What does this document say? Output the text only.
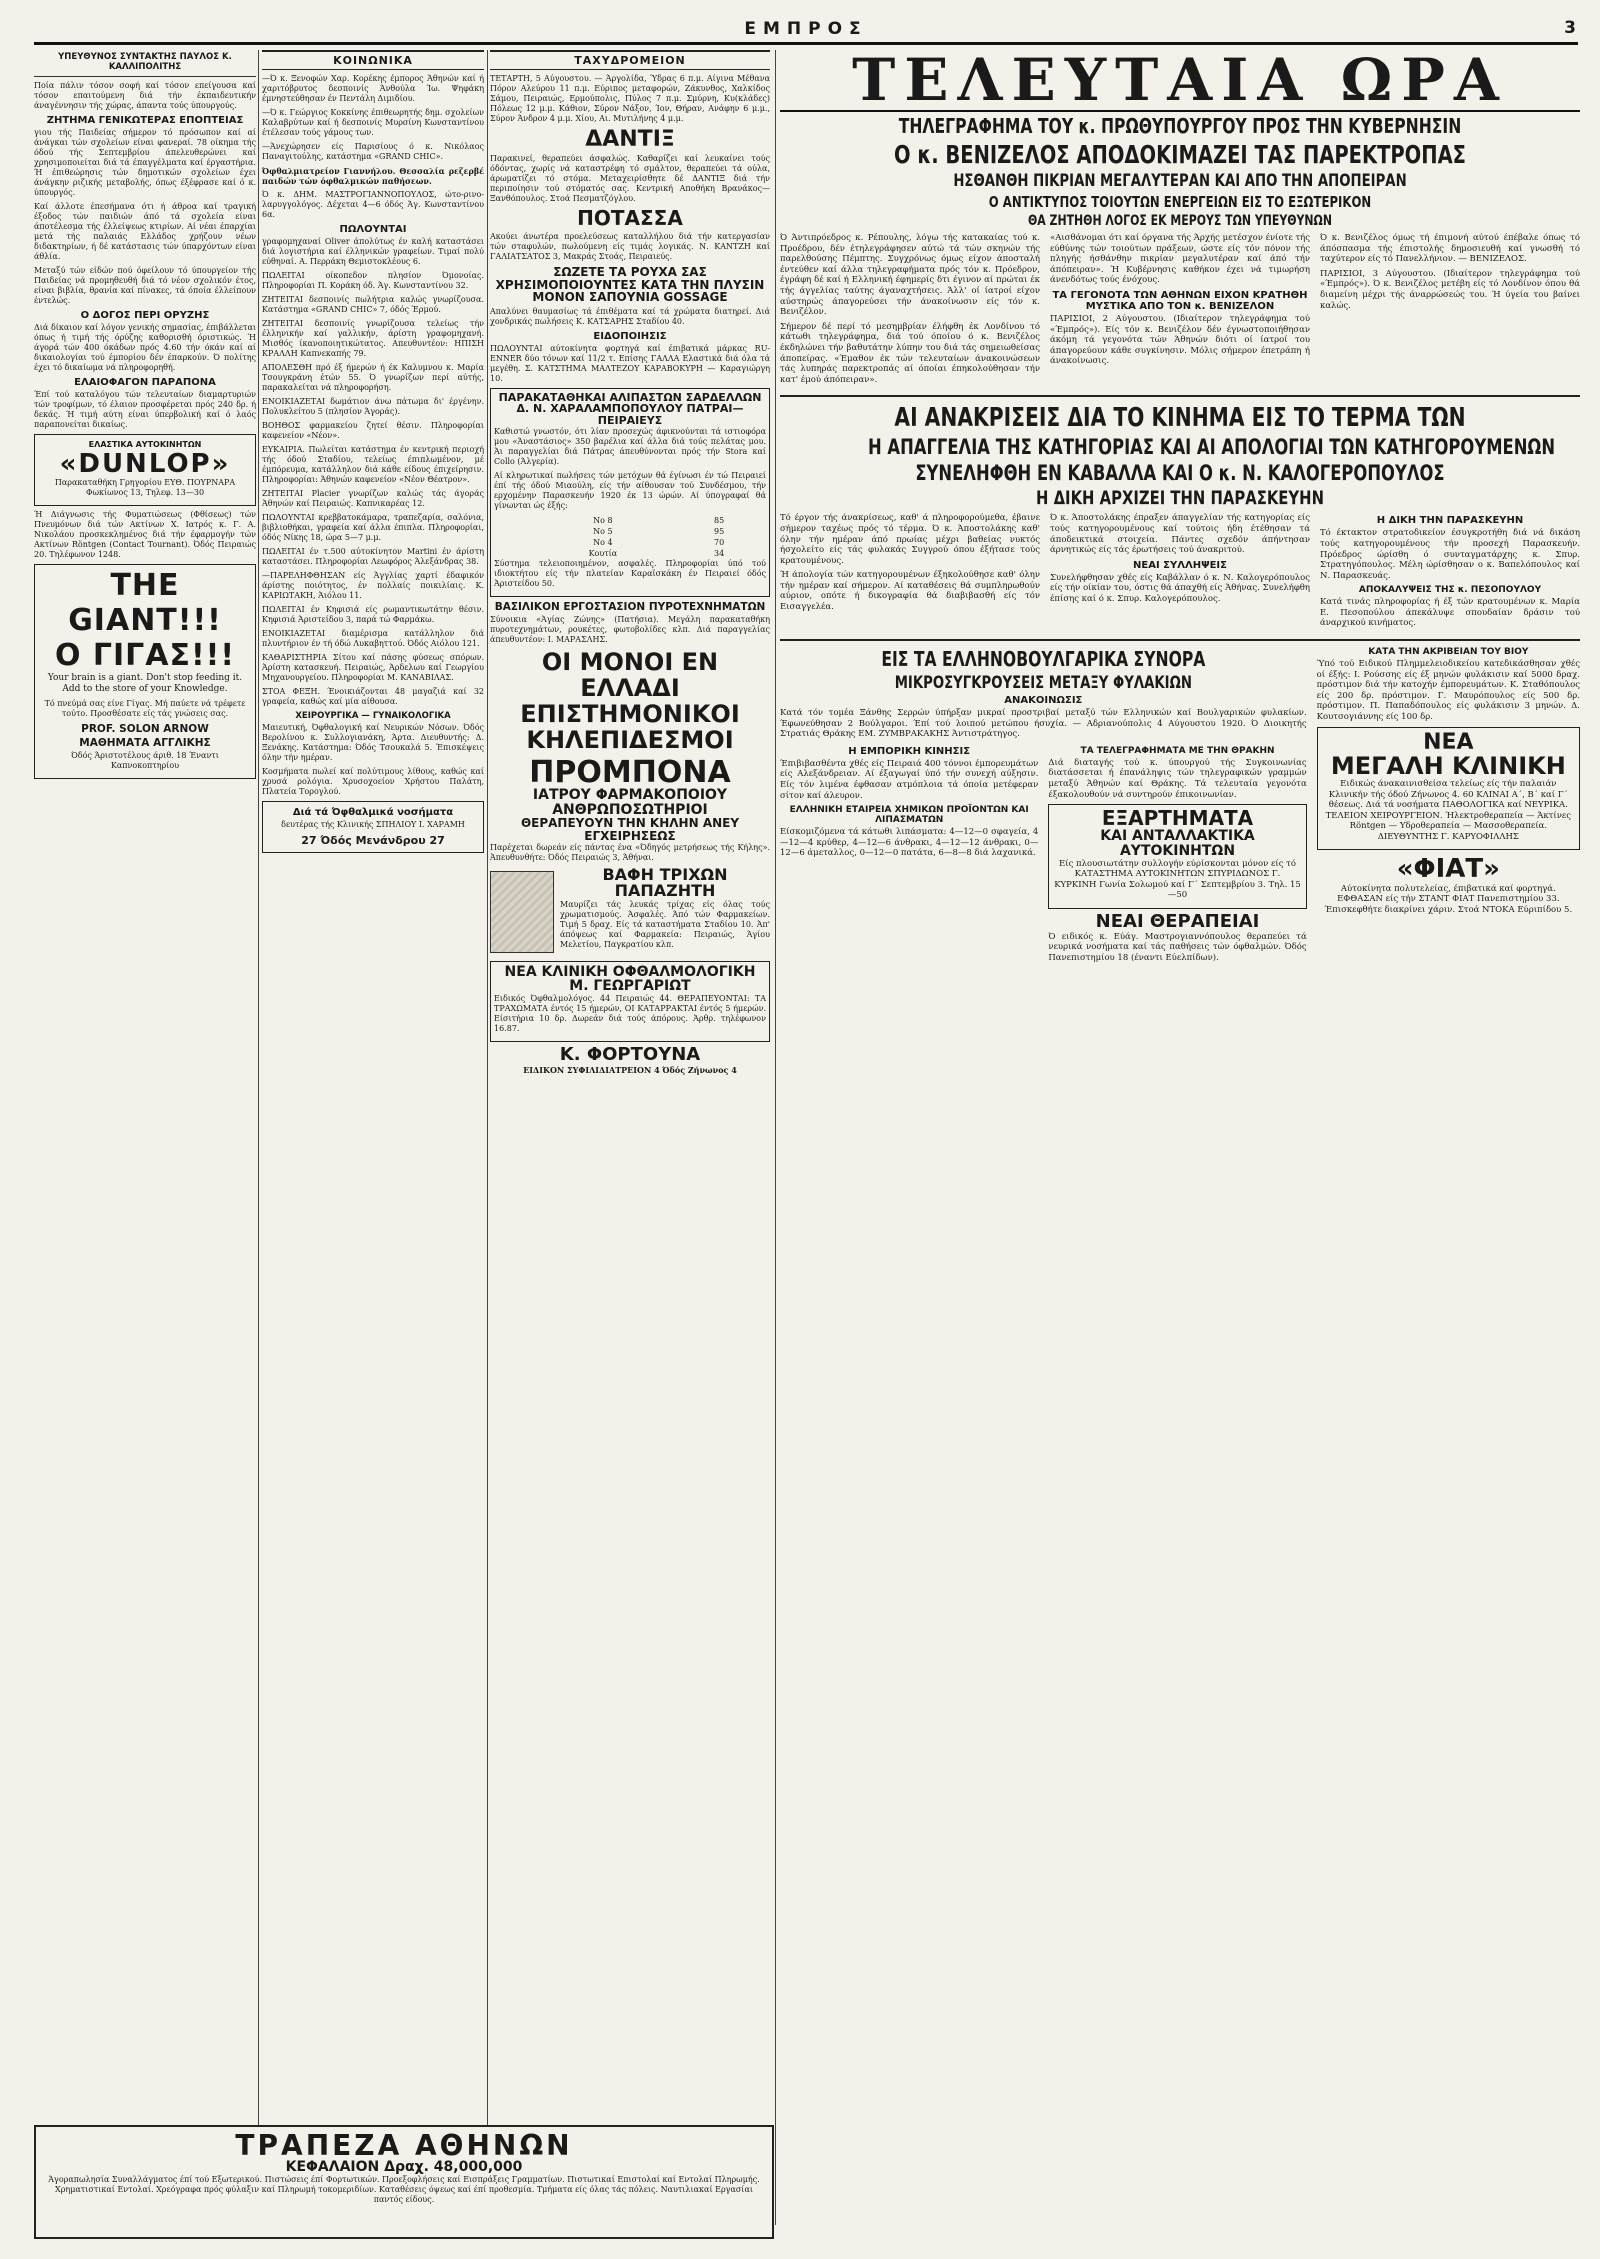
ΕΜΠΡΟΣ	3
ΥΠΕΥΘΥΝΟΣ ΣΥΝΤΑΚΤΗΣ ΠΑΥΛΟΣ Κ. ΚΑΛΛΙΠΟΛΙΤΗΣ

Ποία πάλιν τόσον σοφή καί τόσον επείγουσα καί τόσον επαιτούμενη διά τήν έκπαιδευτικήν άναγέννησιν τής χώρας, άπαντα τούς ύπουργούς.

ΖΗΤΗΜΑ ΓΕΝΙΚΩΤΕΡΑΣ ΕΠΟΠΤΕΙΑΣ

γιου τής Παιδείας σήμερον τό πρόσωπον καί αί άνάγκαι τών σχολείων είναι φανεραί. 78 οίκημα τής όδού τής Σεπτεμβρίου άπελευθερώνει καί χρησιμοποιείται διά τά έπαγγέλματα καί έργαστήρια. Ή έπιθεώρησις τών δημοτικών σχολείων έχει άνάγκην ριζικής μεταβολής, όπως έξέφρασε καί ό κ. ύπουργός.

Καί άλλοτε έπεσήμανα ότι ή άθροα καί τραγική έξοδος τών παιδιών άπό τά σχολεία είναι άποτέλεσμα τής έλλείψεως κτιρίων. Αί νέαι έπαρχίαι μετά τής παλαιάς Ελλάδος χρήζουν νέων διδακτηρίων, ή δέ κατάστασις τών ύπαρχόντων είναι άθλία.

Μεταξύ τών είδών πού όφείλουν τό ύπουργείον τής Παιδείας νά προμηθευθή διά τό νέον σχολικόν έτος, είναι βιβλία, θρανία καί πίνακες, τά όποία έλλείπουν έντελώς.

Ο ΔΟΓΟΣ ΠΕΡΙ ΟΡΥΖΗΣ

Διά δίκαιον καί λόγον γενικής σημασίας, έπιβάλλεται όπως ή τιμή τής όρύζης καθορισθή όριστικώς. Ή άγορά τών 400 όκάδων πρός 4.60 τήν όκάν καί αί δικαιολογίαι τού έμπορίου δέν έπαρκούν. Ό πολίτης έχει τό δικαίωμα νά πληροφορηθή.

ΕΛΑΙΟΦΑΓΟΝ ΠΑΡΑΠΟΝΑ

Έπί τού καταλόγου τών τελευταίων διαμαρτυριών τών τροφίμων, τό έλαιον προσφέρεται πρός 240 δρ. ή δεκάς. Ή τιμή αύτη είναι ύπερβολική καί ό λαός παραπονείται δικαίως.

ΕΛΑΣΤΙΚΑ ΑΥΤΟΚΙΝΗΤΩΝ
«DUNLOP»

Παρακαταθήκη Γρηγορίου ΕΥΘ. ΠΟΥΡΝΑΡΑ Φωκίωνος 13, Τηλεφ. 13—30

Ή Διάγνωσις τής Φυματιώσεως (Φθίσεως) τών Πνευμόνων διά τών Ακτίνων Χ. Ιατρός κ. Γ. Α. Νικολάου προσκεκλημένος διά τήν έφαρμογήν τών Ακτίνων Röntgen (Contact Tournant). Όδός Πειραιώς 20. Τηλέφωνον 1248.

THE GIANT!!!
Ο ΓΙΓΑΣ!!!

Your brain is a giant. Don't stop feeding it. Add to the store of your Knowledge.

Τό πνεύμά σας είνε Γίγας. Μή παύετε νά τρέφετε τούτο. Προσθέσατε είς τάς γνώσεις σας.

PROF. SOLON ARNOW
ΜΑΘΗΜΑΤΑ ΑΓΓΛΙΚΗΣ

Όδός Άριστοτέλους άριθ. 18 Έναντι Καπνοκοπτηρίου

ΚΟΙΝΩΝΙΚΑ

—Ό κ. Ξενοφών Χαρ. Κορέκης έμπορος Άθηνών καί ή χαριτόβρυτος δεσποινίς Άνθούλα Ίω. Ψηφάκη έμνηστεύθησαν έν Πεντάλη Διμιδίου.

—Ό κ. Γεώργιος Κοκκίνης έπιθεωρητής δημ. σχολείων Καλαβρύτων καί ή δεσποινίς Μυρσίνη Κωνσταντίνου έτέλεσαν τούς γάμους των.

—Άνεχώρησεν είς Παρισίους ό κ. Νικόλαος Παναγιτούλης, κατάστημα «GRAND CHIC».

Όφθαλμιατρείον Γιαννήλου. Θεσσαλία ρεζερβέ παιδών τών όφθαλμικών παθήσεων.

Ό κ. ΔΗΜ. ΜΑΣΤΡΟΓΙΑΝΝΟΠΟΥΛΟΣ, ώτο-ρινο-λαρυγγολόγος. Δέχεται 4—6 όδός Άγ. Κωνσταντίνου 6α.

ΠΩΛΟΥΝΤΑΙ

γραφομηχαναί Oliver άπολύτως έν καλή καταστάσει διά λογιστήρια καί έλληνικών γραφείων. Τιμαί πολύ εύθηναί. Α. Περράκη Θεμιστοκλέους 6.

ΠΩΛΕΙΤΑΙ οίκοπεδον πλησίον Όμονοίας. Πληροφορίαι Π. Κοράκη όδ. Άγ. Κωνσταντίνου 32.

ΖΗΤΕΙΤΑΙ δεσποινίς πωλήτρια καλώς γνωρίζουσα. Κατάστημα «GRAND CHIC» 7, όδός Έρμού.

ΖΗΤΕΙΤΑΙ δεσποινίς γνωρίζουσα τελείως τήν έλληνικήν καί γαλλικήν, άρίστη γραφομηχανή. Μισθός ίκανοποιητικώτατος. Απευθυντέον: ΗΠΙΣΗ ΚΡΑΛΛΗ Καπνεκαπής 79.

ΑΠΟΛΕΣΘΗ πρό έξ ήμερών ή έκ Καλυμνου κ. Μαρία Τσουγκράνη έτών 55. Ό γνωρίζων περί αύτής, παρακαλείται νά πληροφορήση.

ΕΝΟΙΚΙΑΖΕΤΑΙ δωμάτιον άνω πάτωμα δι' έργένην. Πολυκλείτου 5 (πλησίον Άγοράς).

ΒΟΗΘΟΣ φαρμακείου ζητεί θέσιν. Πληροφορίαι καφενείον «Νέον».

ΕΥΚΑΙΡΙΑ. Πωλείται κατάστημα έν κεντρική περιοχή τής όδού Σταδίου, τελείως έπιπλωμένον, μέ έμπόρευμα, κατάλληλον διά κάθε είδους έπιχείρησιν. Πληροφορίαι: Άθηνών καφενείον «Νέον Θέατρον».

ΖΗΤΕΙΤΑΙ Placier γνωρίζων καλώς τάς άγοράς Άθηνών καί Πειραιώς. Καπνικαρέας 12.

ΠΩΛΟΥΝΤΑΙ κρεββατοκάμαρα, τραπεζαρία, σαλόνια, βιβλιοθήκαι, γραφεία καί άλλα έπιπλα. Πληροφορίαι, όδός Νίκης 18, ώρα 5—7 μ.μ.

ΠΩΛΕΙΤΑΙ έν τ.500 αύτοκίνητον Martini έν άρίστη καταστάσει. Πληροφορίαι Λεωφόρος Άλεξάνδρας 38.

—ΠΑΡΕΛΗΦΘΗΣΑΝ είς Άγγλίας χαρτί έδαφικόν άρίστης ποιότητος, έν πολλαίς ποικιλίαις. Κ. ΚΑΡΙΩΤΑΚΗ, Άιόλου 11.

ΠΩΛΕΙΤΑΙ έν Κηφισιά είς ρωμαντικωτάτην θέσιν. Κηφισιά Άριστείδου 3, παρά τώ Φαρμάκω.

ΕΝΟΙΚΙΑΖΕΤΑΙ διαμέρισμα κατάλληλον διά πλυντήριον έν τή όδώ Λυκαβηττού. Όδός Αιόλου 121.

ΚΑΘΑΡΙΣΤΗΡΙΑ Σίτου καί πάσης φύσεως σπόρων. Άρίστη κατασκευή. Πειραιώς, Άρδελωυ καί Γεωργίου Μηχανουργείου. Πληροφορίαι Μ. ΚΑΝΑΒΙΛΑΣ.

ΣΤΟΑ ΦΕΞΗ. Ένοικιάζονται 48 μαγαζιά καί 32 γραφεία, καθώς καί μία αίθουσα.

ΧΕΙΡΟΥΡΓΙΚΑ — ΓΥΝΑΙΚΟΛΟΓΙΚΑ

Μαιευτική, Όφθαλογική καί Νευρικών Νόσων. Όδός Βερολίνου κ. Συλλογιανάκη, Άρτα. Διευθυντής: Δ. Ξενάκης. Κατάστημα: Όδός Τσουκαλά 5. Έπισκέψεις όλην τήν ημέραν.

Κοσμήματα πωλεί καί πολύτιμους λίθους, καθώς καί χρυσά ρολόγια. Χρυσοχοείον Χρήστου Παλάτη, Πλατεία Τορογλού.

Διά τά Όφθαλμικά νοσήματα

δευτέρας τής Κλινικής ΣΠΗΛΙΟΥ Ι. ΧΑΡΑΜΗ

27 Όδός Μενάνδρου 27
ΤΑΧΥΔΡΟΜΕΙΟΝ

ΤΕΤΑΡΤΗ, 5 Αύγουστου. — Άργολίδα, Ύδρας 6 π.μ. Αίγινα Μέθανα Πόρον Αλεύρου 11 π.μ. Εύριπος μεταφορών, Ζάκυνθος, Χαλκίδος Σάμου, Πειραιώς, Ερμούπολις, Πύλος 7 π.μ. Σμύρνη, Κυ(κλάδες) Πόλεως 12 μ.μ. Κάθιον, Σύρον Νάξον, Ίον, Θήραν, Ανάφην 6 μ.μ., Σύρον Άνδρον 4 μ.μ. Χίου, Αι. Μυτιλήνης 4 μ.μ.

ΔΑΝΤΙΞ

Παρακινεί, θεραπεύει άσφαλώς. Καθαρίζει καί λευκαίνει τούς όδόντας, χωρίς νά καταστρέφη τό σμάλτον, θεραπεύει τά ούλα, άρωματίζει τό στόμα. Μεταχειρίσθητε δέ ΔΑΝΤΙΞ διά τήν περιποίησιν τού στόματός σας. Κεντρική Αποθήκη Βρανάκος—Ξανθόπουλος. Στοά Πεσματζόγλου.

ΠΟΤΑΣΣΑ

Ακούει άνωτέρα προελεύσεως καταλλήλου διά τήν κατεργασίαν τών σταφυλών, πωλούμενη είς τιμάς λογικάς. Ν. ΚΑΝΤΖΗ καί ΓΑΛΙΑΤΣΑΤΟΣ 3, Μακράς Στοάς, Πειραιεύς.

ΣΩΖΕΤΕ ΤΑ ΡΟΥΧΑ ΣΑΣ ΧΡΗΣΙΜΟΠΟΙΟΥΝΤΕΣ ΚΑΤΑ ΤΗΝ ΠΛΥΣΙΝ ΜΟΝΟΝ ΣΑΠΟΥΝΙΑ GOSSAGE

Απαλύνει θαυμασίως τά έπιθέματα καί τά χρώματα διατηρεί. Διά χονδρικάς πωλήσεις Κ. ΚΑΤΣΑΡΗΣ Σταδίου 40.

ΕΙΔΟΠΟΙΗΣΙΣ

ΠΩΛΟΥΝΤΑΙ αύτοκίνητα φορτηγά καί έπιβατικά μάρκας RU-ENNER δύο τόνων καί 11/2 τ. Επίσης ΓΑΛΛΑ Ελαστικά διά όλα τά μεγέθη. Σ. ΚΑΤΣΤΗΜΑ ΜΑΛΤΕΖΟΥ ΚΑΡΑΒΟΚΥΡΗ — Καραγιώργη 10.

ΠΑΡΑΚΑΤΑΘΗΚΑΙ ΑΛΙΠΑΣΤΩΝ ΣΑΡΔΕΛΛΩΝ Δ. Ν. ΧΑΡΑΛΑΜΠΟΠΟΥΛΟΥ ΠΑΤΡΑΙ—ΠΕΙΡΑΙΕΥΣ

Καθιστώ γνωστόν, ότι λίαν προσεχώς άφικνούνται τά ιστιοφόρα μου «Άναστάσιος» 350 βαρέλια καί άλλα διά τούς πελάτας μου. Άι παραγγελίαι διά Πάτρας άπευθύνονται πρός τήν Stora καί Collo (Άλγερία).

Αί κληρωτικαί πωλήσεις τών μετόχων θά έγίνωσι έν τώ Πειραιεί έπί τής όδού Μιαούλη, είς τήν αίθουσαν τού Συνδέσμου, τήν ερχομένην Παρασκευήν 1920 έκ 13 ώρών. Αί ύπογραφαί θά γίνωνται ώς έξής:

Νο 8	85
Νο 5	95
Νο 4	70
Κουτία	34

Σύστημα τελειοποιημένον, ασφαλές. Πληροφορίαι ύπό τού ιδιοκτήτου είς τήν πλατείαν Καραϊσκάκη έν Πειραιεί όδός Άριστείδου 50.

ΒΑΣΙΛΙΚΟΝ ΕΡΓΟΣΤΑΣΙΟΝ ΠΥΡΟΤΕΧΝΗΜΑΤΩΝ

Σύνοικια «Άγίας Ζώνης» (Πατήσια). Μεγάλη παρακαταθήκη πυροτεχνημάτων, ρουκέτες, φωτοβολίδες κλπ. Διά παραγγελίας άπευθυντέον: Ι. ΜΑΡΑΣΛΗΣ.

ΟΙ ΜΟΝΟΙ ΕΝ ΕΛΛΑΔΙ ΕΠΙΣΤΗΜΟΝΙΚΟΙ ΚΗΛΕΠΙΔΕΣΜΟΙ
ΠΡΟΜΠΟΝΑ
ΙΑΤΡΟΥ ΦΑΡΜΑΚΟΠΟΙΟΥ ΑΝΘΡΩΠΟΣΩΤΗΡΙΟΙ
ΘΕΡΑΠΕΥΟΥΝ ΤΗΝ ΚΗΛΗΝ ΑΝΕΥ ΕΓΧΕΙΡΗΣΕΩΣ

Παρέχεται δωρεάν είς πάντας ένα «Όδηγός μετρήσεως τής Κήλης». Άπευθυνθήτε: Όδός Πειραιώς 3, Άθήναι.

ΒΑΦΗ ΤΡΙΧΩΝ ΠΑΠΑΖΗΤΗ

Μαυρίζει τάς λευκάς τρίχας είς όλας τούς χρωματισμούς. Άσφαλές. Άπό τών Φαρμακείων. Τιμή 5 δραχ. Είς τά καταστήματα Σταδίου 10. Άπ' άπόψεως καί Φαρμακεία: Πειραιώς, Άγίου Μελετίου, Παγκρατίου κλπ.

ΝΕΑ ΚΛΙΝΙΚΗ ΟΦΘΑΛΜΟΛΟΓΙΚΗ Μ. ΓΕΩΡΓΑΡΙΩΤ

Ειδικός Όφθαλμολόγος. 44 Πειραιώς 44. ΘΕΡΑΠΕΥΟΝΤΑΙ: ΤΑ ΤΡΑΧΩΜΑΤΑ έντός 15 ήμερών, ΟΙ ΚΑΤΑΡΡΑΚΤΑΙ έντός 5 ήμερών. Είσιτήρια 10 δρ. Δωρεάν διά τούς άπόρους. Άρθρ. τηλέφωνον 16.87.

Κ. ΦΟΡΤΟΥΝΑ

ΕΙΔΙΚΟΝ ΣΥΦΙΛΙΔΙΑΤΡΕΙΟΝ 4 Όδός Ζήνωνος 4

ΤΕΛΕΥΤΑΙΑ ΩΡΑ
ΤΗΛΕΓΡΑΦΗΜΑ ΤΟΥ κ. ΠΡΩΘΥΠΟΥΡΓΟΥ ΠΡΟΣ ΤΗΝ ΚΥΒΕΡΝΗΣΙΝ
Ο κ. ΒΕΝΙΖΕΛΟΣ ΑΠΟΔΟΚΙΜΑΖΕΙ ΤΑΣ ΠΑΡΕΚΤΡΟΠΑΣ
ΗΣΘΑΝΘΗ ΠΙΚΡΙΑΝ ΜΕΓΑΛΥΤΕΡΑΝ ΚΑΙ ΑΠΟ ΤΗΝ ΑΠΟΠΕΙΡΑΝ
Ο ΑΝΤΙΚΤΥΠΟΣ ΤΟΙΟΥΤΩΝ ΕΝΕΡΓΕΙΩΝ ΕΙΣ ΤΟ ΕΞΩΤΕΡΙΚΟΝ
ΘΑ ΖΗΤΗΘΗ ΛΟΓΟΣ ΕΚ ΜΕΡΟΥΣ ΤΩΝ ΥΠΕΥΘΥΝΩΝ

Ό Άντιπρόεδρος κ. Ρέπουλης, λόγω τής κατακαίας τού κ. Προέδρου, δέν έτηλεγράφησεν αύτώ τά τών σκηνών τής παρελθούσης Πέμπτης. Συγχρόνως όμως είχον άποσταλή έντεύθεν καί άλλα τηλεγραφήματα πρός τόν κ. Πρόεδρον, έγράφη δέ καί ή Ελληνική έφημερίς δτι έγινον αί πρώται έκ τής άγγελίας ταύτης άγαναχτήσεις. Άλλ' οί ίατροί είχον αύστηρώς άπαγορεύσει τήν άνακοίνωσιν είς τόν κ. Βενιζέλον.

Σήμερον δέ περί τό μεσημβρίαν έλήφθη έκ Λονδίνου τό κάτωθι τηλεγράφημα, διά τού όποίου ό κ. Βενιζέλος έκδηλώνει τήν βαθυτάτην λύπην του διά τάς σημειωθείσας άποπείρας. «Έμαθον έκ τών τελευταίων άνακοινώσεων τάς λυπηράς παρεκτροπάς αί όποίαι έπηκολούθησαν τήν κατ' έμού άπόπειραν».

«Αισθάνομαι ότι καί όργανα τής Άρχής μετέσχον ένίοτε τής εύθύνης τών τοιούτων πράξεων, ώστε είς τόν πόνον τής πληγής ήσθάνθην πικρίαν μεγαλυτέραν καί άπό τήν άπόπειραν». Ή Κυβέρνησις καθήκον έχει νά τιμωρήση άνενδότως τούς ένόχους.

ΤΑ ΓΕΓΟΝΟΤΑ ΤΩΝ ΑΘΗΝΩΝ ΕΙΧΟΝ ΚΡΑΤΗΘΗ ΜΥΣΤΙΚΑ ΑΠΟ ΤΟΝ κ. ΒΕΝΙΖΕΛΟΝ

ΠΑΡΙΣΙΟΙ, 2 Αύγουστου. (Ιδιαίτερον τηλεγράφημα τού «Έμπρός»). Είς τόν κ. Βενιζέλον δέν έγνωστοποιήθησαν άκόμη τά γεγονότα τών Άθηνών διότι οί ίατροί του άπαγορεύουν κάθε συγκίνησιν. Μόλις σήμερον έπετράπη ή άνακοίνωσις.

Ό κ. Βενιζέλος όμως τή έπιμονή αύτού έπέβαλε όπως τό άπόσπασμα τής έπιστολής δημοσιευθή καί γνωσθή τό ταχύτερον είς τό Πανελλήνιον. — ΒΕΝΙΖΕΛΟΣ.

ΠΑΡΙΣΙΟΙ, 3 Αύγουστου. (Ιδιαίτερον τηλεγράφημα τού «Έμπρός»). Ό κ. Βενιζέλος μετέβη είς τό Λονδίνον όπου θά διαμείνη μέχρι τής άναρρώσεώς του. Ή ύγεία του βαίνει καλώς.

ΑΙ ΑΝΑΚΡΙΣΕΙΣ ΔΙΑ ΤΟ ΚΙΝΗΜΑ ΕΙΣ ΤΟ ΤΕΡΜΑ ΤΩΝ
Η ΑΠΑΓΓΕΛΙΑ ΤΗΣ ΚΑΤΗΓΟΡΙΑΣ ΚΑΙ ΑΙ ΑΠΟΛΟΓΙΑΙ ΤΩΝ ΚΑΤΗΓΟΡΟΥΜΕΝΩΝ
ΣΥΝΕΛΗΦΘΗ ΕΝ ΚΑΒΑΛΛΑ ΚΑΙ Ο κ. Ν. ΚΑΛΟΓΕΡΟΠΟΥΛΟΣ
Η ΔΙΚΗ ΑΡΧΙΖΕΙ ΤΗΝ ΠΑΡΑΣΚΕΥΗΝ

Τό έργον τής άνακρίσεως, καθ' ά πληροφορούμεθα, έβαινε σήμερον ταχέως πρός τό τέρμα. Ό κ. Άποστολάκης καθ' όλην τήν ημέραν άπό πρωίας μέχρι βαθείας νυκτός ήσχολείτο είς τάς φυλακάς Συγγρού όπου έξήτασε τούς κρατουμένους.

Ή άπολογία τών κατηγορουμένων έξηκολούθησε καθ' όλην τήν ημέραν καί σήμερον. Αί καταθέσεις θά συμπληρωθούν αύριον, οπότε ή δικογραφία θά διαβιβασθή είς τόν Εισαγγελέα.

Ό κ. Άποστολάκης έπραξεν άπαγγελίαν τής κατηγορίας είς τούς κατηγορουμένους καί τούτοις ήδη έτέθησαν τά άποδεικτικά στοιχεία. Πάντες σχεδόν άπήντησαν άρνητικώς είς τάς έρωτήσεις τού άνακριτού.

ΝΕΑΙ ΣΥΛΛΗΨΕΙΣ

Συνελήφθησαν χθές είς Καβάλλαν ό κ. Ν. Καλογερόπουλος είς τήν οίκίαν του, όστις θά άπαχθή είς Άθήνας. Συνελήφθη έπίσης καί ό κ. Σπυρ. Καλογερόπουλος.

Η ΔΙΚΗ ΤΗΝ ΠΑΡΑΣΚΕΥΗΝ

Τό έκτακτον στρατοδικείον έσυγκροτήθη διά νά δικάση τούς κατηγορουμένους τήν προσεχή Παρασκευήν. Πρόεδρος ώρίσθη ό συνταγματάρχης κ. Σπυρ. Στρατηγόπουλος. Μέλη ώρίσθησαν ο κ. Βαπελόπουλος καί Ν. Παρασκευάς.

ΑΠΟΚΑΛΥΨΕΙΣ ΤΗΣ κ. ΠΕΣΟΠΟΥΛΟΥ

Κατά τινάς πληροφορίας ή έξ τών κρατουμένων κ. Μαρία Ε. Πεσοπούλου άπεκάλυψε σπουδαίαν δράσιν τού άναρχικού κινήματος.

ΕΙΣ ΤΑ ΕΛΛΗΝΟΒΟΥΛΓΑΡΙΚΑ ΣΥΝΟΡΑ
ΜΙΚΡΟΣΥΓΚΡΟΥΣΕΙΣ ΜΕΤΑΞΥ ΦΥΛΑΚΙΩΝ
ΑΝΑΚΟΙΝΩΣΙΣ

Κατά τόν τομέα Ξάνθης Σερρών ύπήρξαν μικραί προστριβαί μεταξύ τών Ελληνικών καί Βουλγαρικών φυλακίων. Έφωνεύθησαν 2 Βούλγαροι. Έπί τού λοιπού μετώπου ήσυχία. — Αδριανούπολις 4 Αύγουστου 1920. Ό Διοικητής Στρατιάς Θράκης ΕΜ. ΖΥΜΒΡΑΚΑΚΗΣ Άντιστράτηγος.

Η ΕΜΠΟΡΙΚΗ ΚΙΝΗΣΙΣ

Έπιβιβασθέντα χθές είς Πειραιά 400 τόννοι έμπορευμάτων είς Αλεξάνδρειαν. Αί έξαγωγαί ύπό τήν συνεχή αύξησιν. Είς τόν λιμένα έφθασαν ατμόπλοια τά όποία μετέφεραν σίτον καί άλευρον.

ΕΛΛΗΝΙΚΗ ΕΤΑΙΡΕΙΑ ΧΗΜΙΚΩΝ ΠΡΟΪΟΝΤΩΝ ΚΑΙ ΛΙΠΑΣΜΑΤΩΝ

Είσκομιζόμενα τά κάτωθι λιπάσματα: 4—12—0 σφαγεία, 4—12—4 κρύθερ, 4—12—6 άνθρακι, 4—12—12 άνθρακι, 0—12—6 άμεταλλος, 0—12—0 πατάτα, 6—8—8 διά λαχανικά.

ΤΑ ΤΕΛΕΓΡΑΦΗΜΑΤΑ ΜΕ ΤΗΝ ΘΡΑΚΗΝ

Διά διαταγής τού κ. ύπουργού τής Συγκοινωνίας διατάσσεται ή έπανάληψις τών τηλεγραφικών γραμμών μεταξύ Άθηνών καί Θράκης. Τά τελευταία γεγονότα έξακολουθούν νά συντηρούν έπικοινωνίαν.

ΕΞΑΡΤΗΜΑΤΑ
ΚΑΙ ΑΝΤΑΛΛΑΚΤΙΚΑ ΑΥΤΟΚΙΝΗΤΩΝ

Είς πλουσιωτάτην συλλογήν εύρίσκονται μόνον είς τό ΚΑΤΑΣΤΗΜΑ ΑΥΤΟΚΙΝΗΤΩΝ ΣΠΥΡΙΔΩΝΟΣ Γ. ΚΥΡΚΙΝΗ Γωνία Σολωμού καί Γ΄ Σεπτεμβρίου 3. Τηλ. 15—50

ΝΕΑΙ ΘΕΡΑΠΕΙΑΙ

Ό ειδικός κ. Εύάγ. Μαστρογιαννόπουλος θεραπεύει τά νευρικά νοσήματα καί τάς παθήσεις τών όφθαλμών. Όδός Πανεπιστημίου 18 (έναντι Εύελπίδων).

ΚΑΤΑ ΤΗΝ ΑΚΡΙΒΕΙΑΝ ΤΟΥ ΒΙΟΥ

Ύπό τού Ειδικού Πλημμελειοδικείου κατεδικάσθησαν χθές οί έξής: Ι. Ρούσσης είς έξ μηνών φυλάκισιν καί 5000 δραχ. πρόστιμον διά τήν κατοχήν έμπορευμάτων. Κ. Σταθόπουλος είς 200 δρ. πρόστιμον. Γ. Μαυρόπουλος είς 500 δρ. πρόστιμον. Π. Παπαδόπουλος είς φυλάκισιν 3 μηνών. Δ. Κουτσογιάννης είς 100 δρ.

ΝΕΑ
ΜΕΓΑΛΗ ΚΛΙΝΙΚΗ

Ειδικώς άνακαινισθείσα τελείως είς τήν παλαιάν Κλινικήν τής όδού Ζήνωνος 4. 60 ΚΛΙΝΑΙ Α΄, Β΄ καί Γ΄ θέσεως. Διά τά νοσήματα ΠΑΘΟΛΟΓΙΚΑ καί ΝΕΥΡΙΚΑ. ΤΕΛΕΙΟΝ ΧΕΙΡΟΥΡΓΕΙΟΝ. Ήλεκτροθεραπεία — Άκτίνες Röntgen — Υδροθεραπεία — Μασσοθεραπεία. ΔΙΕΥΘΥΝΤΗΣ Γ. ΚΑΡΥΟΦΙΛΛΗΣ

«ΦΙΑΤ»

Αύτοκίνητα πολυτελείας, έπιβατικά καί φορτηγά. ΕΦΘΑΣΑΝ είς τήν ΣΤΑΝΤ ΦΙΑΤ Πανεπιστημίου 33. Έπισκεφθήτε διακρίνει χάριν. Στοά ΝΤΟΚΑ Εύριπίδου 5.

ΤΡΑΠΕΖΑ ΑΘΗΝΩΝ
ΚΕΦΑΛΑΙΟΝ Δραχ. 48,000,000

Άγοραπωλησία Συναλλάγματος έπί τού Εξωτερικού. Πιστώσεις έπί Φορτωτικών. Προεξοφλήσεις καί Εισπράξεις Γραμματίων. Πιστωτικαί Επιστολαί καί Εντολαί Πληρωμής. Χρηματιστικαί Εντολαί. Χρεόγραφα πρός φύλαξιν καί Πληρωμή τοκομεριδίων. Καταθέσεις όψεως καί έπί προθεσμία. Τμήματα είς όλας τάς πόλεις. Ναυτιλιακαί Εργασίαι παντός είδους.
